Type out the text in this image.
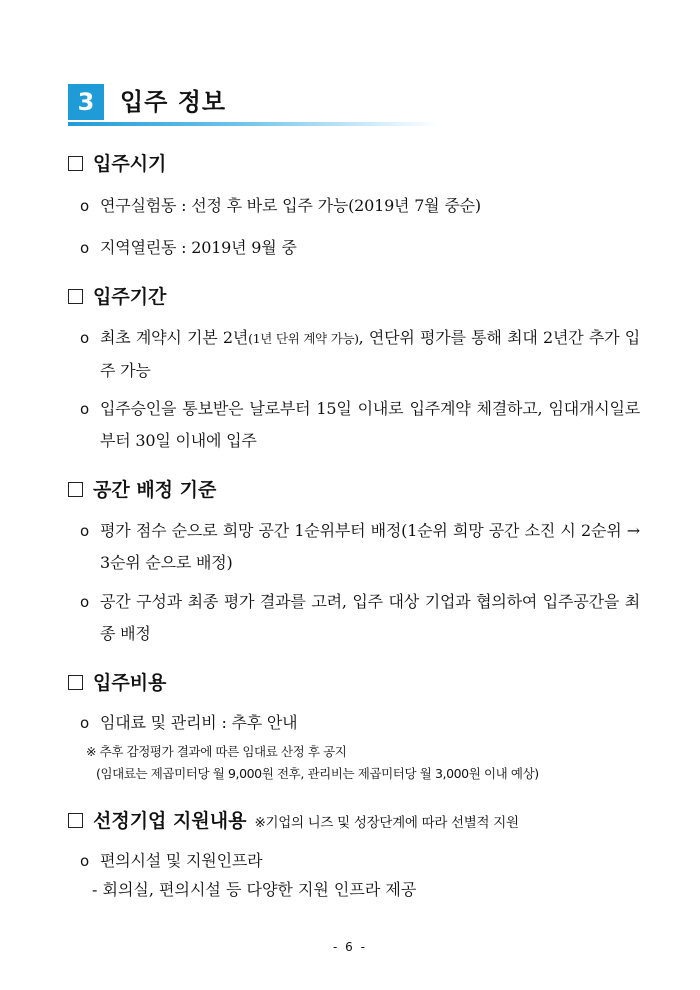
3	입주 정보
입주시기
o 연구실험동 : 선정 후 바로 입주 가능(2019년 7월 중순)
o 지역열린동 : 2019년 9월 중
입주기간
o 최초 계약시 기본 2년(1년 단위 계약 가능), 연단위 평가를 통해 최대 2년간 추가 입주 가능
o 입주승인을 통보받은 날로부터 15일 이내로 입주계약 체결하고, 임대개시일로부터 30일 이내에 입주
공간 배정 기준
o 평가 점수 순으로 희망 공간 1순위부터 배정(1순위 희망 공간 소진 시 2순위 → 3순위 순으로 배정)
o 공간 구성과 최종 평가 결과를 고려, 입주 대상 기업과 협의하여 입주공간을 최종 배정
입주비용
o 임대료 및 관리비 : 추후 안내
※ 추후 감정평가 결과에 따른 임대료 산정 후 공지
(임대료는 제곱미터당 월 9,000원 전후, 관리비는 제곱미터당 월 3,000원 이내 예상)
선정기업 지원내용 ※기업의 니즈 및 성장단계에 따라 선별적 지원
o 편의시설 및 지원인프라
- 회의실, 편의시설 등 다양한 지원 인프라 제공
- 6 -
